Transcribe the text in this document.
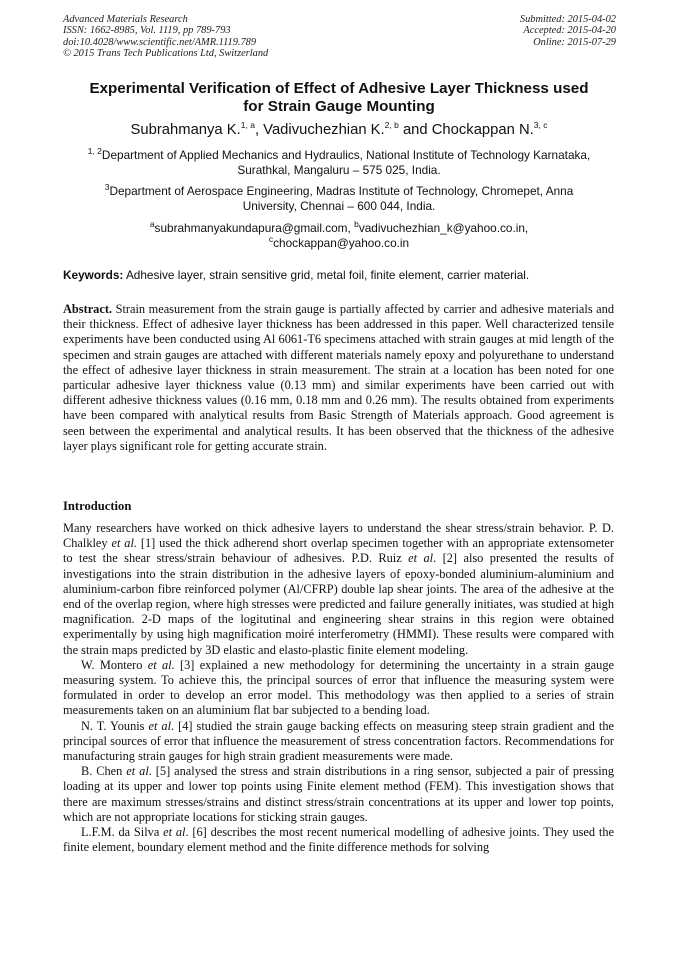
Advanced Materials Research
ISSN: 1662-8985, Vol. 1119, pp 789-793
doi:10.4028/www.scientific.net/AMR.1119.789
© 2015 Trans Tech Publications Ltd, Switzerland
Submitted: 2015-04-02
Accepted: 2015-04-20
Online: 2015-07-29
Experimental Verification of Effect of Adhesive Layer Thickness used
for Strain Gauge Mounting
Subrahmanya K.$^{1, a}$, Vadivuchezhian K.$^{2, b}$ and Chockappan N.$^{3, c}$
$^{1, 2}$Department of Applied Mechanics and Hydraulics, National Institute of Technology Karnataka,
Surathkal, Mangaluru – 575 025, India.
$^3$Department of Aerospace Engineering, Madras Institute of Technology, Chromepet, Anna
University, Chennai – 600 044, India.
$^a$subrahmanyakundapura@gmail.com, $^b$vadivuchezhian_k@yahoo.co.in,
$^c$chockappan@yahoo.co.in
Keywords: Adhesive layer, strain sensitive grid, metal foil, finite element, carrier material.
Abstract. Strain measurement from the strain gauge is partially affected by carrier and adhesive materials and their thickness. Effect of adhesive layer thickness has been addressed in this paper. Well characterized tensile experiments have been conducted using Al 6061-T6 specimens attached with strain gauges at mid length of the specimen and strain gauges are attached with different materials namely epoxy and polyurethane to understand the effect of adhesive layer thickness in strain measurement. The strain at a location has been noted for one particular adhesive layer thickness value (0.13 mm) and similar experiments have been carried out with different adhesive thickness values (0.16 mm, 0.18 mm and 0.26 mm). The results obtained from experiments have been compared with analytical results from Basic Strength of Materials approach. Good agreement is seen between the experimental and analytical results. It has been observed that the thickness of the adhesive layer plays significant role for getting accurate strain.
Introduction

Many researchers have worked on thick adhesive layers to understand the shear stress/strain behavior. P. D. Chalkley et al. [1] used the thick adherend short overlap specimen together with an appropriate extensometer to test the shear stress/strain behaviour of adhesives. P.D. Ruiz et al. [2] also presented the results of investigations into the strain distribution in the adhesive layers of epoxy-bonded aluminium-aluminium and aluminium-carbon fibre reinforced polymer (Al/CFRP) double lap shear joints. The area of the adhesive at the end of the overlap region, where high stresses were predicted and failure generally initiates, was studied at high magnification. 2-D maps of the logitutinal and engineering shear strains in this region were obtained experimentally by using high magnification moiré interferometry (HMMI). These results were compared with the strain maps predicted by 3D elastic and elasto-plastic finite element modeling.

W. Montero et al. [3] explained a new methodology for determining the uncertainty in a strain gauge measuring system. To achieve this, the principal sources of error that influence the measuring system were formulated in order to develop an error model. This methodology was then applied to a series of strain measurements taken on an aluminium flat bar subjected to a bending load.

N. T. Younis et al. [4] studied the strain gauge backing effects on measuring steep strain gradient and the principal sources of error that influence the measurement of stress concentration factors. Recommendations for manufacturing strain gauges for high strain gradient measurements were made.

B. Chen et al. [5] analysed the stress and strain distributions in a ring sensor, subjected a pair of pressing loading at its upper and lower top points using Finite element method (FEM). This investigation shows that there are maximum stresses/strains and distinct stress/strain concentrations at its upper and lower top points, which are not appropriate locations for sticking strain gauges.

L.F.M. da Silva et al. [6] describes the most recent numerical modelling of adhesive joints. They used the finite element, boundary element method and the finite difference methods for solving
